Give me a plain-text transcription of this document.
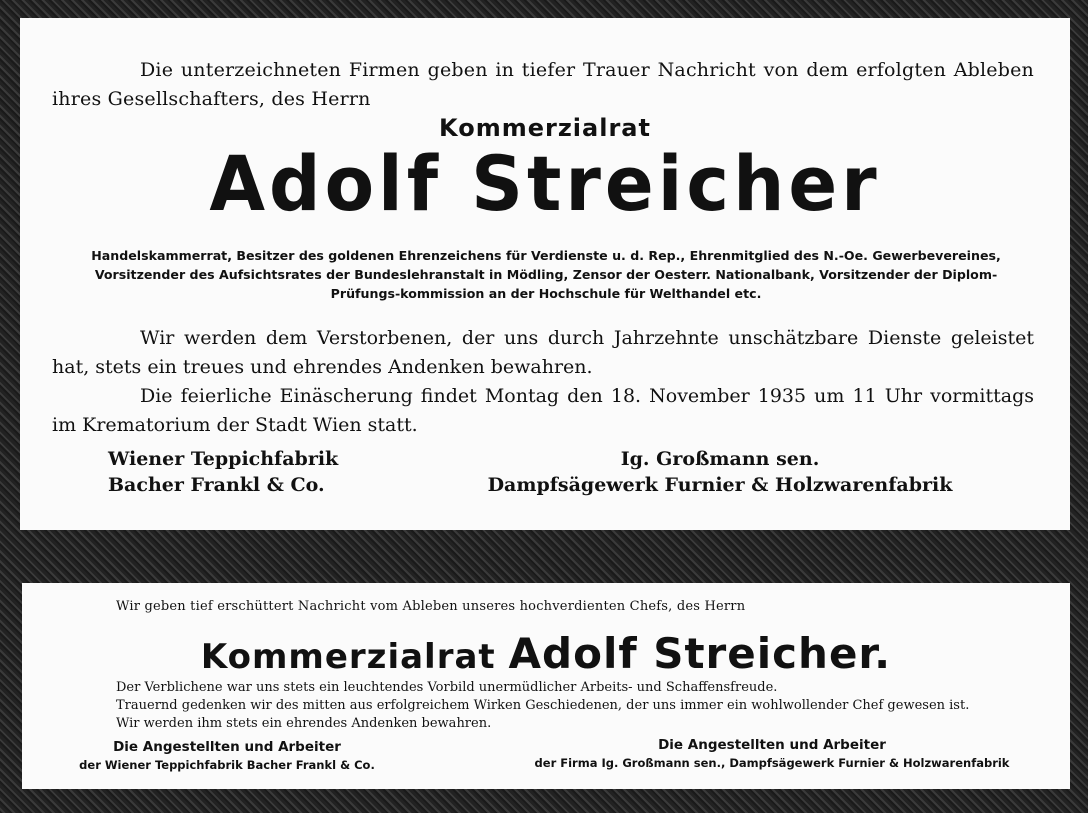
Die unterzeichneten Firmen geben in tiefer Trauer Nachricht von dem erfolgten Ableben ihres Gesellschafters, des Herrn
Kommerzialrat
Adolf Streicher
Handelskammerrat, Besitzer des goldenen Ehrenzeichens für Verdienste u. d. Rep., Ehrenmitglied des N.-Oe. Gewerbevereines, Vorsitzender des Aufsichtsrates der Bundeslehranstalt in Mödling, Zensor der Oesterr. Nationalbank, Vorsitzender der Diplom-Prüfungs-kommission an der Hochschule für Welthandel etc.
Wir werden dem Verstorbenen, der uns durch Jahrzehnte unschätzbare Dienste geleistet hat, stets ein treues und ehrendes Andenken bewahren.
Die feierliche Einäscherung findet Montag den 18. November 1935 um 11 Uhr vormittags im Krematorium der Stadt Wien statt.
Wiener Teppichfabrik
Bacher Frankl & Co.
Ig. Großmann sen.
Dampfsägewerk Furnier & Holzwarenfabrik
Wir geben tief erschüttert Nachricht vom Ableben unseres hochverdienten Chefs, des Herrn
Kommerzialrat Adolf Streicher.
Der Verblichene war uns stets ein leuchtendes Vorbild unermüdlicher Arbeits- und Schaffensfreude.
Trauernd gedenken wir des mitten aus erfolgreichem Wirken Geschiedenen, der uns immer ein wohlwollender Chef gewesen ist.
Wir werden ihm stets ein ehrendes Andenken bewahren.
Die Angestellten und Arbeiter
der Wiener Teppichfabrik Bacher Frankl & Co.
Die Angestellten und Arbeiter
der Firma Ig. Großmann sen., Dampfsägewerk Furnier & Holzwarenfabrik
